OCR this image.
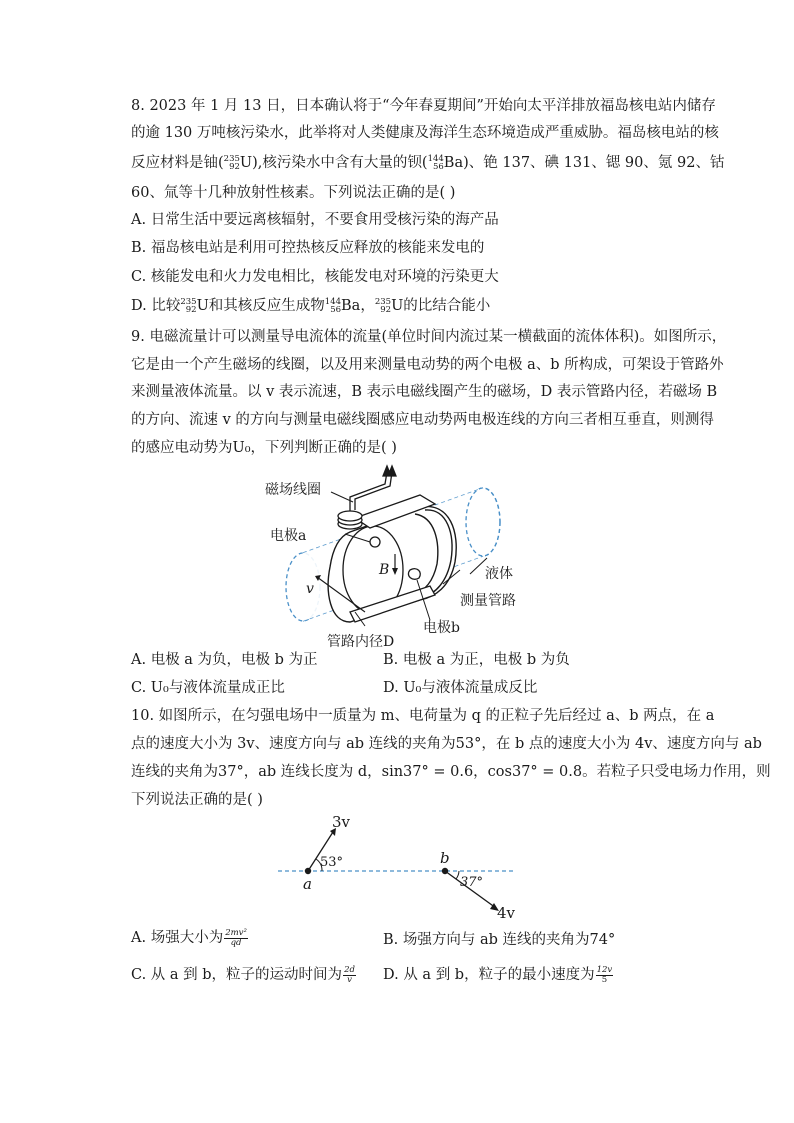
8. 2023 年 1 月 13 日，日本确认将于“今年春夏期间”开始向太平洋排放福岛核电站内储存
的逾 130 万吨核污染水，此举将对人类健康及海洋生态环境造成严重威胁。福岛核电站的核
反应材料是铀( 235
92 U),核污染水中含有大量的钡( 144
56 Ba)、铯 137、碘 131、锶 90、氪 92、钴
60、氚等十几种放射性核素。下列说法正确的是( )
A. 日常生活中要远离核辐射，不要食用受核污染的海产品
B. 福岛核电站是利用可控热核反应释放的核能来发电的
C. 核能发电和火力发电相比，核能发电对环境的污染更大
D. 比较 235
92 U和其核反应生成物 144
56 Ba， 235
92 U的比结合能小
9. 电磁流量计可以测量导电流体的流量(单位时间内流过某一横截面的流体体积)。如图所示，
它是由一个产生磁场的线圈，以及用来测量电动势的两个电极 a、b 所构成，可架设于管路外
来测量液体流量。以 v 表示流速，B 表示电磁线圈产生的磁场，D 表示管路内径，若磁场 B
的方向、流速 v 的方向与测量电磁线圈感应电动势两电极连线的方向三者相互垂直，则测得
的感应电动势为U₀，下列判断正确的是( )
磁场线圈
电极a
B
v
液体
测量管路
电极b
管路内径D
A. 电极 a 为负，电极 b 为正	B. 电极 a 为正，电极 b 为负
C. U₀与液体流量成正比	D. U₀与液体流量成反比
10. 如图所示，在匀强电场中一质量为 m、电荷量为 q 的正粒子先后经过 a、b 两点，在 a
点的速度大小为 3v、速度方向与 ab 连线的夹角为53°，在 b 点的速度大小为 4v、速度方向与 ab
连线的夹角为37°，ab 连线长度为 d，sin37° = 0.6，cos37° = 0.8。若粒子只受电场力作用，则
下列说法正确的是( )
3v
53°
a
b
37°
4v
A. 场强大小为 $\frac{\text{2mv²}}{qd}$	B. 场强方向与 ab 连线的夹角为74°
C. 从 a 到 b，粒子的运动时间为 $\frac{2d}{v} D$. 从 a 到 b，粒子的最小速度为 $\frac{12v}{5}$
